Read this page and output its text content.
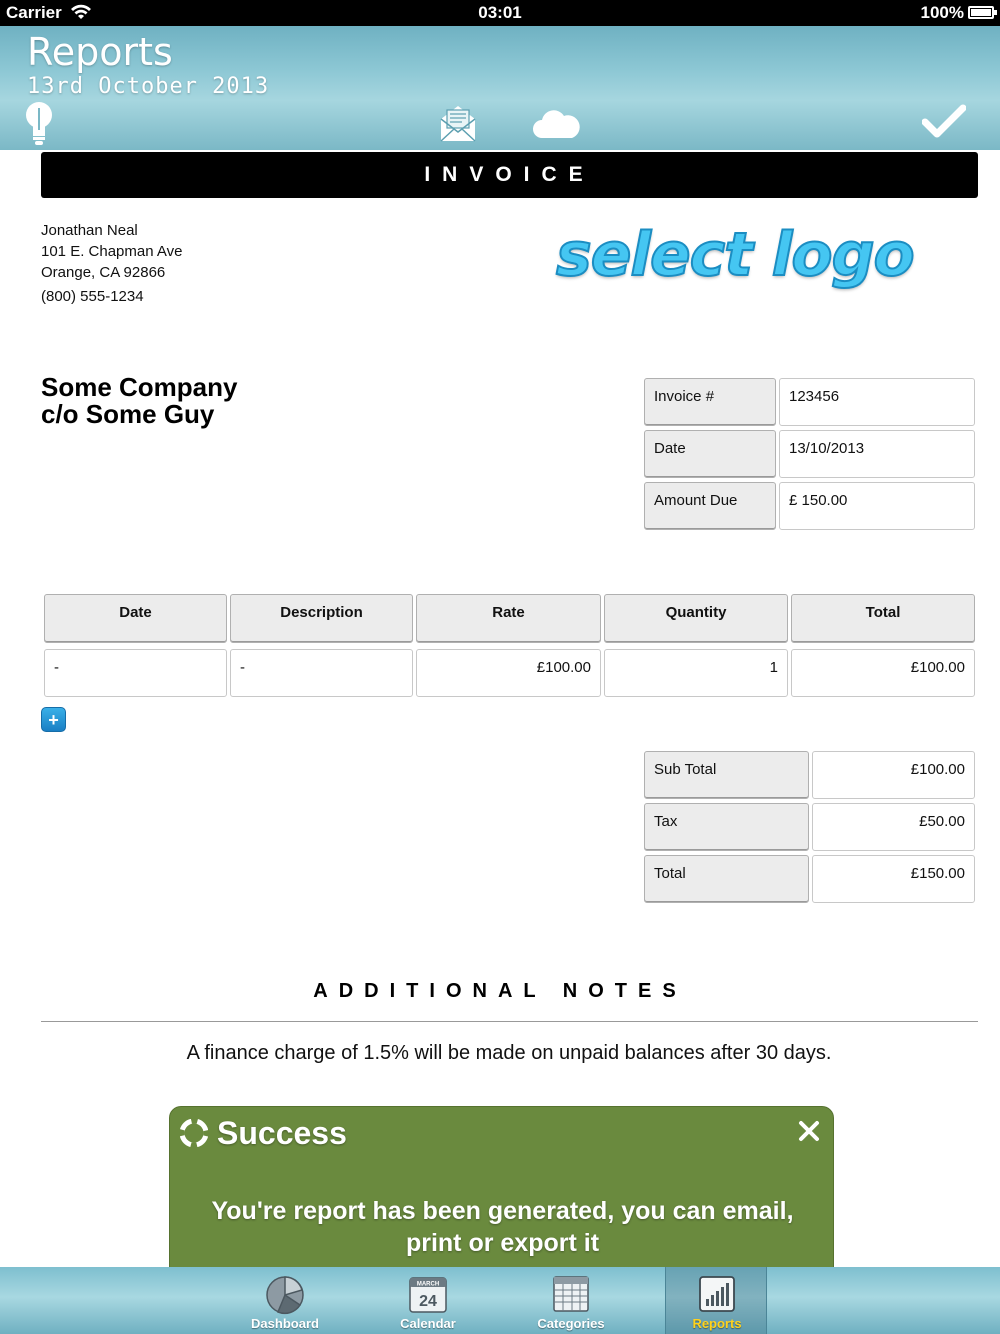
Carrier	03:01	100%
Reports
13rd October 2013
INVOICE
Jonathan Neal
101 E. Chapman Ave
Orange, CA 92866
(800) 555-1234
select logo
Some Company
c/o Some Guy
Invoice #	123456
Date	13/10/2013
Amount Due	£ 150.00
Date	Description	Rate	Quantity	Total
-	-	£100.00	1	£100.00
+
Sub Total	£100.00
Tax	£50.00
Total	£150.00
ADDITIONAL NOTES
A finance charge of 1.5% will be made on unpaid balances after 30 days.
Success
You're report has been generated, you can email,
print or export it
Dashboard
MARCH
24
Calendar	Categories	Reports
